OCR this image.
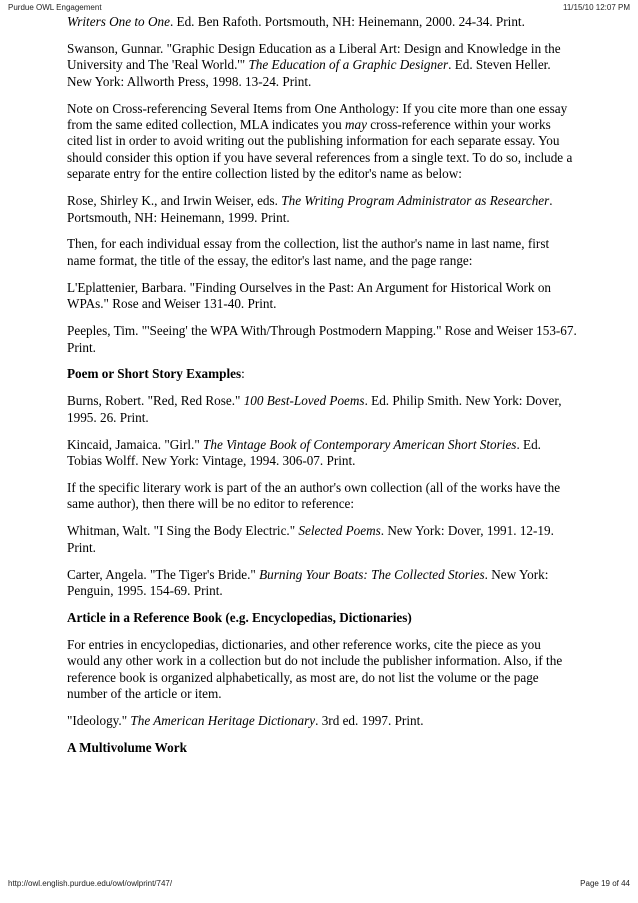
Purdue OWL Engagement	11/15/10 12:07 PM

Writers One to One. Ed. Ben Rafoth. Portsmouth, NH: Heinemann, 2000. 24-34. Print.

Swanson, Gunnar. "Graphic Design Education as a Liberal Art: Design and Knowledge in the University and The 'Real World.'" The Education of a Graphic Designer. Ed. Steven Heller. New York: Allworth Press, 1998. 13-24. Print.

Note on Cross-referencing Several Items from One Anthology: If you cite more than one essay from the same edited collection, MLA indicates you may cross-reference within your works cited list in order to avoid writing out the publishing information for each separate essay. You should consider this option if you have several references from a single text. To do so, include a separate entry for the entire collection listed by the editor's name as below:

Rose, Shirley K., and Irwin Weiser, eds. The Writing Program Administrator as Researcher. Portsmouth, NH: Heinemann, 1999. Print.

Then, for each individual essay from the collection, list the author's name in last name, first name format, the title of the essay, the editor's last name, and the page range:

L'Eplattenier, Barbara. "Finding Ourselves in the Past: An Argument for Historical Work on WPAs." Rose and Weiser 131-40. Print.

Peeples, Tim. "'Seeing' the WPA With/Through Postmodern Mapping." Rose and Weiser 153-67. Print.

Poem or Short Story Examples:

Burns, Robert. "Red, Red Rose." 100 Best-Loved Poems. Ed. Philip Smith. New York: Dover, 1995. 26. Print.

Kincaid, Jamaica. "Girl." The Vintage Book of Contemporary American Short Stories. Ed. Tobias Wolff. New York: Vintage, 1994. 306-07. Print.

If the specific literary work is part of the an author's own collection (all of the works have the same author), then there will be no editor to reference:

Whitman, Walt. "I Sing the Body Electric." Selected Poems. New York: Dover, 1991. 12-19. Print.

Carter, Angela. "The Tiger's Bride." Burning Your Boats: The Collected Stories. New York: Penguin, 1995. 154-69. Print.

Article in a Reference Book (e.g. Encyclopedias, Dictionaries)

For entries in encyclopedias, dictionaries, and other reference works, cite the piece as you would any other work in a collection but do not include the publisher information. Also, if the reference book is organized alphabetically, as most are, do not list the volume or the page number of the article or item.

"Ideology." The American Heritage Dictionary. 3rd ed. 1997. Print.

A Multivolume Work

http://owl.english.purdue.edu/owl/owlprint/747/	Page 19 of 44
